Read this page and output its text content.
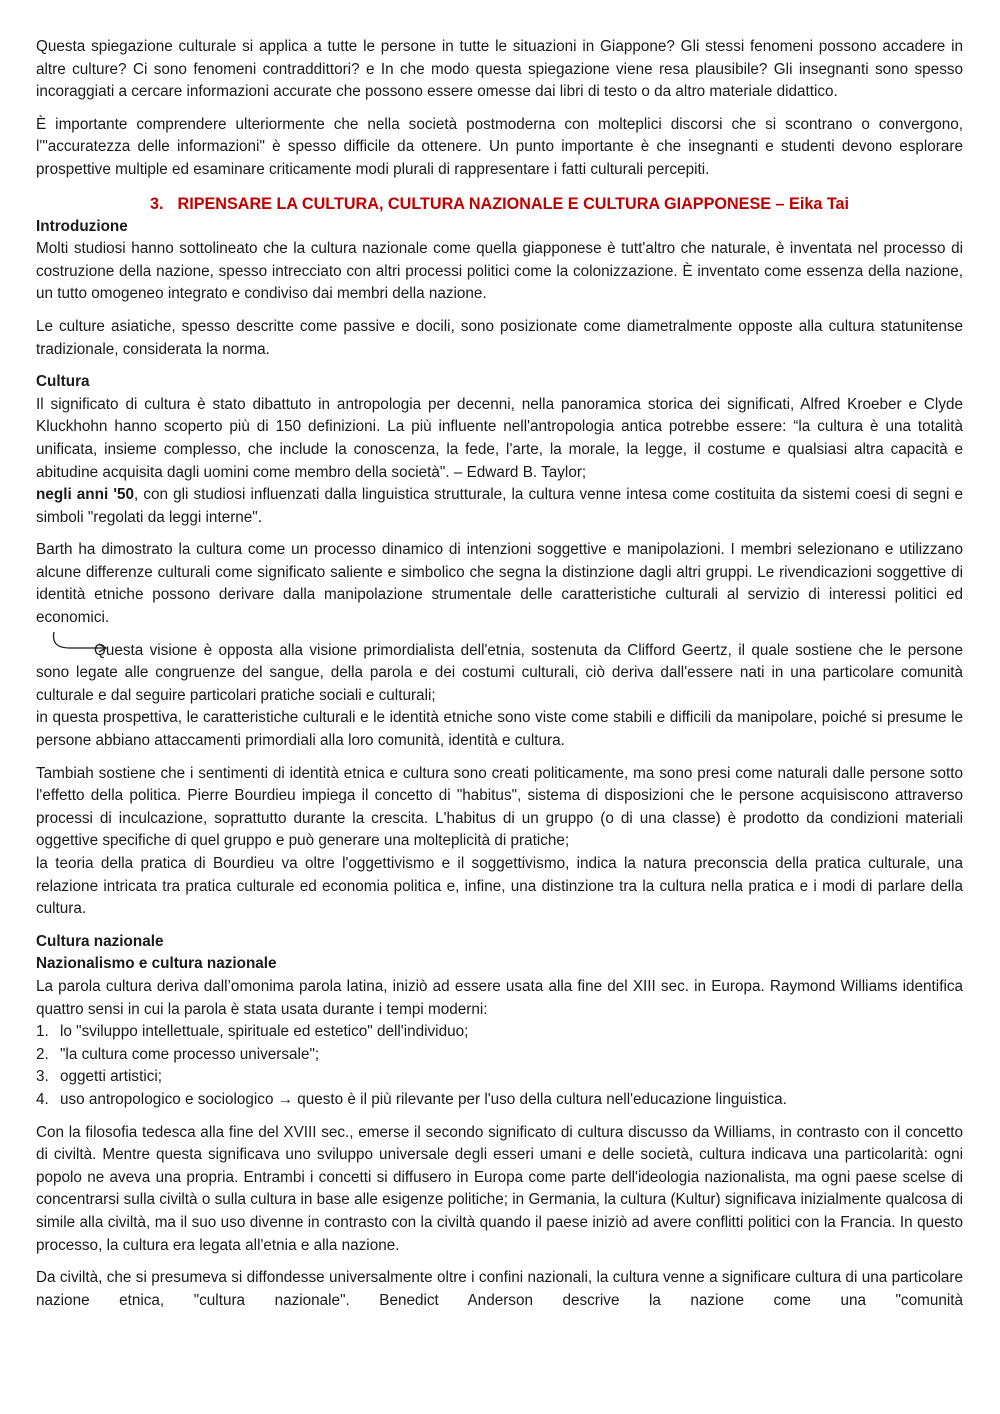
Questa spiegazione culturale si applica a tutte le persone in tutte le situazioni in Giappone? Gli stessi fenomeni possono accadere in altre culture? Ci sono fenomeni contraddittori? e In che modo questa spiegazione viene resa plausibile? Gli insegnanti sono spesso incoraggiati a cercare informazioni accurate che possono essere omesse dai libri di testo o da altro materiale didattico.

È importante comprendere ulteriormente che nella società postmoderna con molteplici discorsi che si scontrano o convergono, l'"accuratezza delle informazioni" è spesso difficile da ottenere. Un punto importante è che insegnanti e studenti devono esplorare prospettive multiple ed esaminare criticamente modi plurali di rappresentare i fatti culturali percepiti.

3. RIPENSARE LA CULTURA, CULTURA NAZIONALE E CULTURA GIAPPONESE – Eika Tai
Introduzione

Molti studiosi hanno sottolineato che la cultura nazionale come quella giapponese è tutt'altro che naturale, è inventata nel processo di costruzione della nazione, spesso intrecciato con altri processi politici come la colonizzazione. È inventato come essenza della nazione, un tutto omogeneo integrato e condiviso dai membri della nazione.

Le culture asiatiche, spesso descritte come passive e docili, sono posizionate come diametralmente opposte alla cultura statunitense tradizionale, considerata la norma.

Cultura

Il significato di cultura è stato dibattuto in antropologia per decenni, nella panoramica storica dei significati, Alfred Kroeber e Clyde Kluckhohn hanno scoperto più di 150 definizioni. La più influente nell'antropologia antica potrebbe essere: “la cultura è una totalità unificata, insieme complesso, che include la conoscenza, la fede, l'arte, la morale, la legge, il costume e qualsiasi altra capacità e abitudine acquisita dagli uomini come membro della società". – Edward B. Taylor;

negli anni '50, con gli studiosi influenzati dalla linguistica strutturale, la cultura venne intesa come costituita da sistemi coesi di segni e simboli "regolati da leggi interne".

Barth ha dimostrato la cultura come un processo dinamico di intenzioni soggettive e manipolazioni. I membri selezionano e utilizzano alcune differenze culturali come significato saliente e simbolico che segna la distinzione dagli altri gruppi. Le rivendicazioni soggettive di identità etniche possono derivare dalla manipolazione strumentale delle caratteristiche culturali al servizio di interessi politici ed economici.

Questa visione è opposta alla visione primordialista dell'etnia, sostenuta da Clifford Geertz, il quale sostiene che le persone sono legate alle congruenze del sangue, della parola e dei costumi culturali, ciò deriva dall'essere nati in una particolare comunità culturale e dal seguire particolari pratiche sociali e culturali;

in questa prospettiva, le caratteristiche culturali e le identità etniche sono viste come stabili e difficili da manipolare, poiché si presume le persone abbiano attaccamenti primordiali alla loro comunità, identità e cultura.

Tambiah sostiene che i sentimenti di identità etnica e cultura sono creati politicamente, ma sono presi come naturali dalle persone sotto l'effetto della politica. Pierre Bourdieu impiega il concetto di "habitus", sistema di disposizioni che le persone acquisiscono attraverso processi di inculcazione, soprattutto durante la crescita. L'habitus di un gruppo (o di una classe) è prodotto da condizioni materiali oggettive specifiche di quel gruppo e può generare una molteplicità di pratiche;

la teoria della pratica di Bourdieu va oltre l'oggettivismo e il soggettivismo, indica la natura preconscia della pratica culturale, una relazione intricata tra pratica culturale ed economia politica e, infine, una distinzione tra la cultura nella pratica e i modi di parlare della cultura.

Cultura nazionale
Nazionalismo e cultura nazionale

La parola cultura deriva dall’omonima parola latina, iniziò ad essere usata alla fine del XIII sec. in Europa. Raymond Williams identifica quattro sensi in cui la parola è stata usata durante i tempi moderni:

1. lo "sviluppo intellettuale, spirituale ed estetico" dell'individuo;
2. "la cultura come processo universale";
3. oggetti artistici;
4. uso antropologico e sociologico → questo è il più rilevante per l'uso della cultura nell'educazione linguistica.

Con la filosofia tedesca alla fine del XVIII sec., emerse il secondo significato di cultura discusso da Williams, in contrasto con il concetto di civiltà. Mentre questa significava uno sviluppo universale degli esseri umani e delle società, cultura indicava una particolarità: ogni popolo ne aveva una propria. Entrambi i concetti si diffusero in Europa come parte dell'ideologia nazionalista, ma ogni paese scelse di concentrarsi sulla civiltà o sulla cultura in base alle esigenze politiche; in Germania, la cultura (Kultur) significava inizialmente qualcosa di simile alla civiltà, ma il suo uso divenne in contrasto con la civiltà quando il paese iniziò ad avere conflitti politici con la Francia. In questo processo, la cultura era legata all'etnia e alla nazione.

Da civiltà, che si presumeva si diffondesse universalmente oltre i confini nazionali, la cultura venne a significare cultura di una particolare nazione etnica, "cultura nazionale". Benedict Anderson descrive la nazione come una "comunità
